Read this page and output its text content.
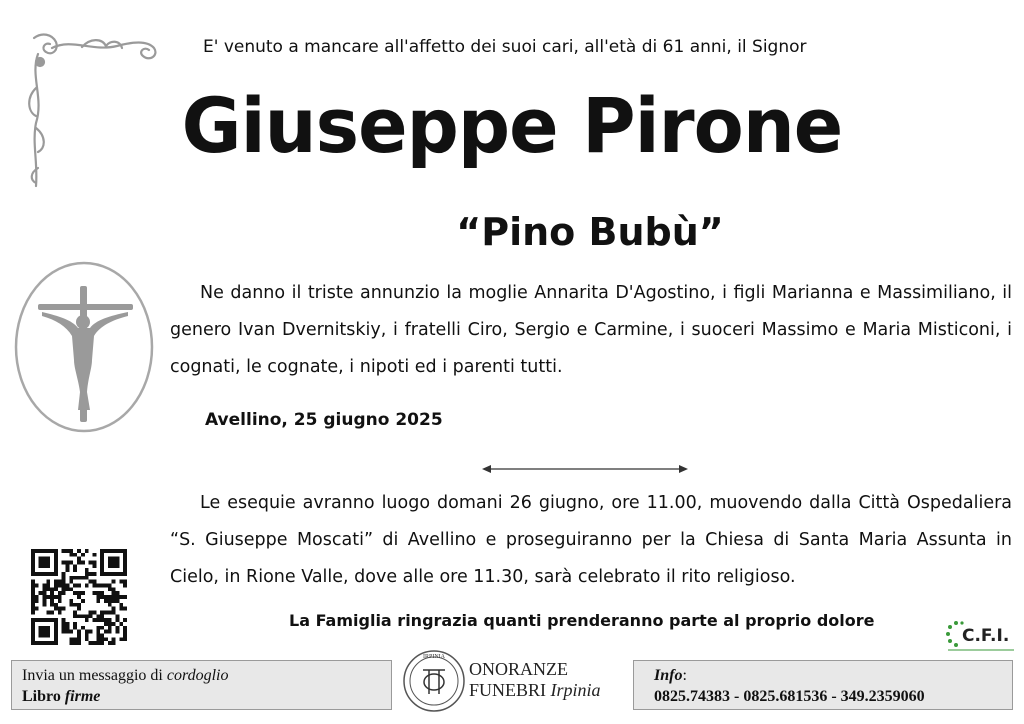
E' venuto a mancare all'affetto dei suoi cari, all'età di 61 anni, il Signor
Giuseppe Pirone
“Pino Bubù”
Ne danno il triste annunzio la moglie Annarita D'Agostino, i figli Marianna e Massimiliano, il genero Ivan Dvernitskiy, i fratelli Ciro, Sergio e Carmine, i suoceri Massimo e Maria Misticoni, i cognati, le cognate, i nipoti ed i parenti tutti.
Avellino, 25 giugno 2025
Le esequie avranno luogo domani 26 giugno, ore 11.00, muovendo dalla Città Ospedaliera “S. Giuseppe Moscati” di Avellino e proseguiranno per la Chiesa di Santa Maria Assunta in Cielo, in Rione Valle, dove alle ore 11.30, sarà celebrato il rito religioso.
La Famiglia ringrazia quanti prenderanno parte al proprio dolore
C.F.I.
Invia un messaggio di cordoglio
Libro firme
IRPINIA
ONORANZE
FUNEBRI Irpinia
Info:
0825.74383 - 0825.681536 - 349.2359060
